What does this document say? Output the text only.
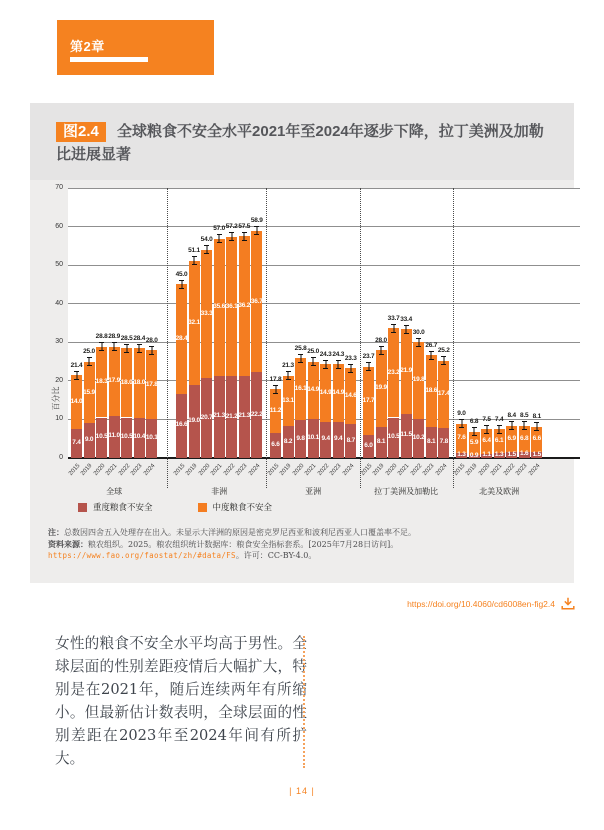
第2章
图2.4 全球粮食不安全水平2021年至2024年逐步下降，拉丁美洲及加勒比进展显著
百分比
0
10
20
30
40
50
60
70
14.0
7.4
21.4
2015
15.9
9.0
25.0
2019
18.3
10.5
28.8
2020
17.9
11.0
28.9
2021
18.0
10.5
28.5
2022
18.0
10.4
28.4
2023
17.8
10.1
28.0
2024
全球
28.4
16.6
45.0
2015
32.1
19.0
51.1
2019
33.3
20.7
54.0
2020
35.6
21.3
57.0
2021
36.1
21.2
57.2
2022
36.2
21.3
57.5
2023
36.7
22.2
58.9
2024
非洲
11.2
6.6
17.8
2015
13.1
8.2
21.3
2019
16.1
9.8
25.8
2020
14.9
10.1
25.0
2021
14.9
9.4
24.3
2022
14.9
9.4
24.3
2023
14.6
8.7
23.3
2024
亚洲
17.7
6.0
23.7
2015
19.9
8.1
28.0
2019
23.2
10.5
33.7
2020
21.9
11.5
33.4
2021
19.8
10.2
30.0
2022
18.6
8.1
26.7
2023
17.4
7.8
25.2
2024
拉丁美洲及加勒比
7.6
1.3
9.0
2015
5.9
0.9
6.8
2019
6.4
1.1
7.5
2020
6.1
1.3
7.4
2021
6.9
1.5
8.4
2022
6.8
1.6
8.5
2023
6.6
1.5
8.1
2024
北美及欧洲
重度粮食不安全	中度粮食不安全

注：总数因四舍五入处理存在出入。未显示大洋洲的原因是密克罗尼西亚和波利尼西亚人口覆盖率不足。

资料来源：粮农组织。2025。粮农组织统计数据库：粮食安全指标套系。[2025年7月28日访问]。https://www.fao.org/faostat/zh/#data/FS。许可：CC-BY-4.0。

https://doi.org/10.4060/cd6008en-fig2.4
女性的粮食不安全水平均高于男性。全球层面的性别差距疫情后大幅扩大，特别是在2021年，随后连续两年有所缩小。但最新估计数表明，全球层面的性别差距在2023年至2024年间有所扩大。
| 14 |
